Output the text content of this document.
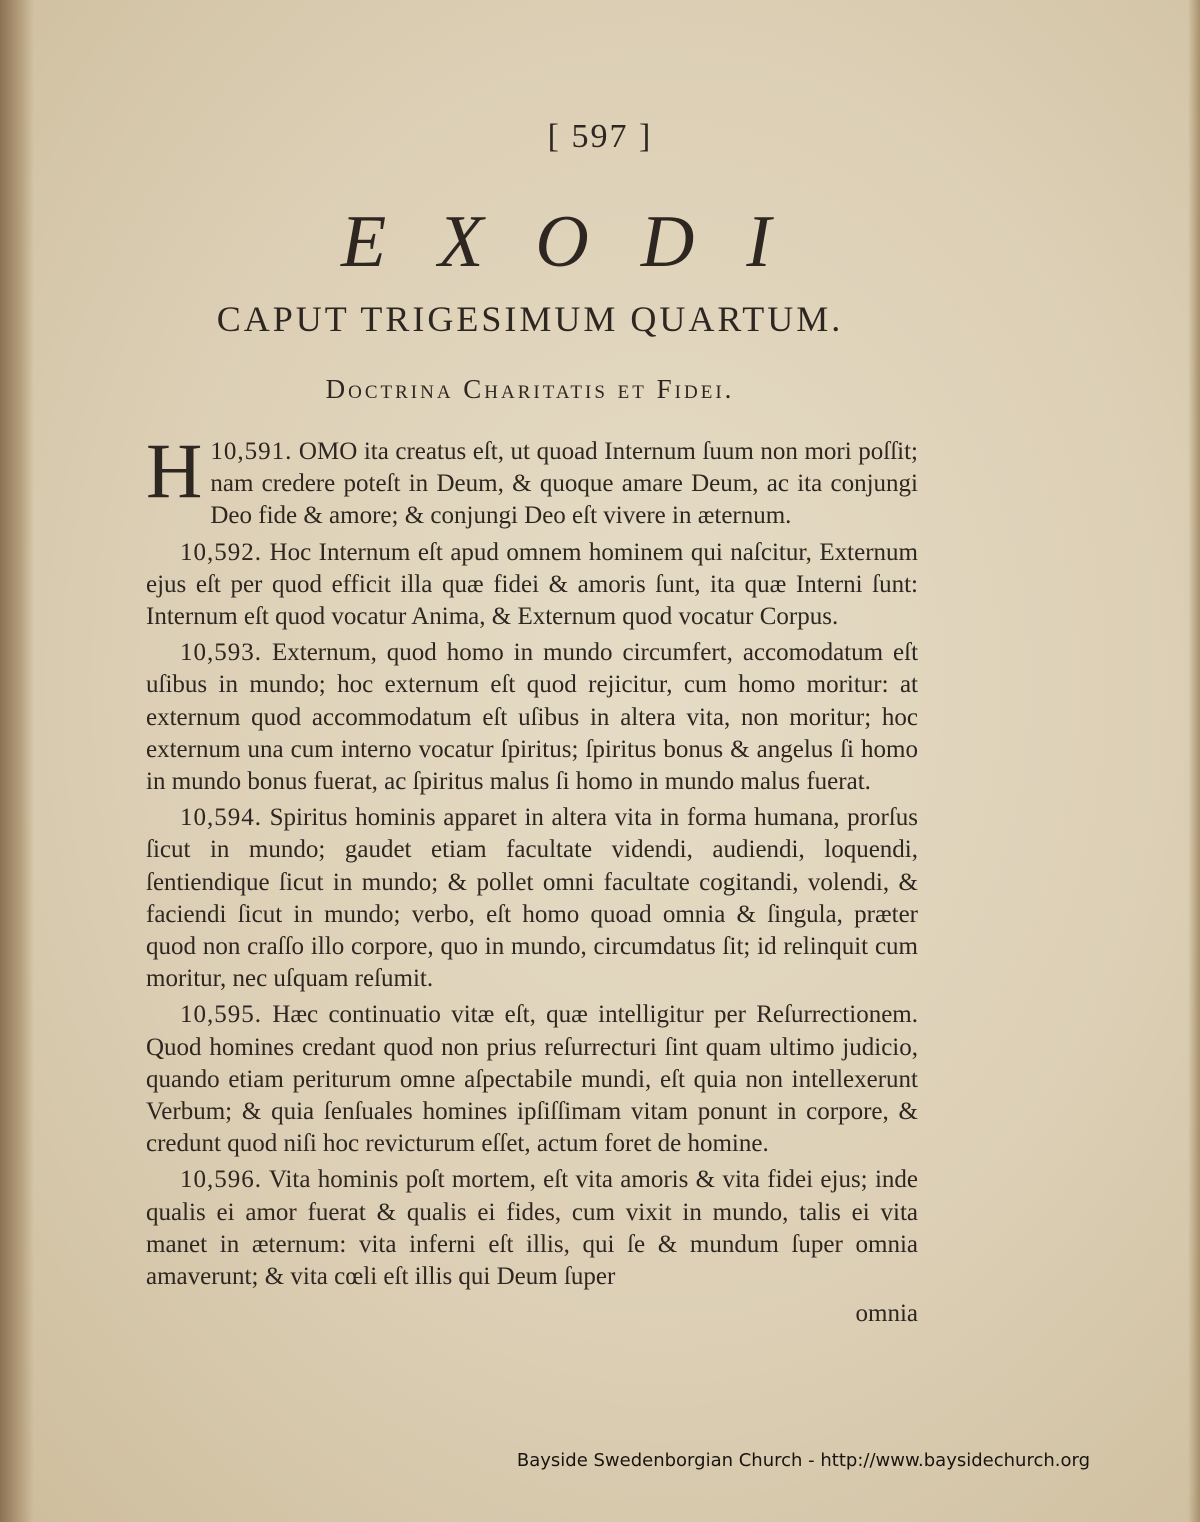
[ 597 ]
EXODI
CAPUT TRIGESIMUM QUARTUM.
Doctrina Charitatis et Fidei.

10,591.
H	OMO ita creatus eſt, ut quoad Internum ſuum non mori poſſit; nam credere poteſt in Deum, & quoque amare Deum, ac ita conjungi Deo fide & amore; & conjungi Deo eſt vivere in æternum.

10,592. Hoc Internum eſt apud omnem hominem qui naſcitur, Externum ejus eſt per quod efficit illa quæ fidei & amoris ſunt, ita quæ Interni ſunt: Internum eſt quod vocatur Anima, & Externum quod vocatur Corpus.

10,593. Externum, quod homo in mundo circumfert, accomodatum eſt uſibus in mundo; hoc externum eſt quod rejicitur, cum homo moritur: at externum quod accommodatum eſt uſibus in altera vita, non moritur; hoc externum una cum interno vocatur ſpiritus; ſpiritus bonus & angelus ſi homo in mundo bonus fuerat, ac ſpiritus malus ſi homo in mundo malus fuerat.

10,594. Spiritus hominis apparet in altera vita in forma humana, prorſus ſicut in mundo; gaudet etiam facultate videndi, audiendi, loquendi, ſentiendique ſicut in mundo; & pollet omni facultate cogitandi, volendi, & faciendi ſicut in mundo; verbo, eſt homo quoad omnia & ſingula, præter quod non craſſo illo corpore, quo in mundo, circumdatus ſit; id relinquit cum moritur, nec uſquam reſumit.

10,595. Hæc continuatio vitæ eſt, quæ intelligitur per Reſurrectionem. Quod homines credant quod non prius reſurrecturi ſint quam ultimo judicio, quando etiam periturum omne aſpectabile mundi, eſt quia non intellexerunt Verbum; & quia ſenſuales homines ipſiſſimam vitam ponunt in corpore, & credunt quod niſi hoc revicturum eſſet, actum foret de homine.

10,596. Vita hominis poſt mortem, eſt vita amoris & vita fidei ejus; inde qualis ei amor fuerat & qualis ei fides, cum vixit in mundo, talis ei vita manet in æternum: vita inferni eſt illis, qui ſe & mundum ſuper omnia amaverunt; & vita cœli eſt illis qui Deum ſuper

omnia
Bayside Swedenborgian Church - http://www.baysidechurch.org
